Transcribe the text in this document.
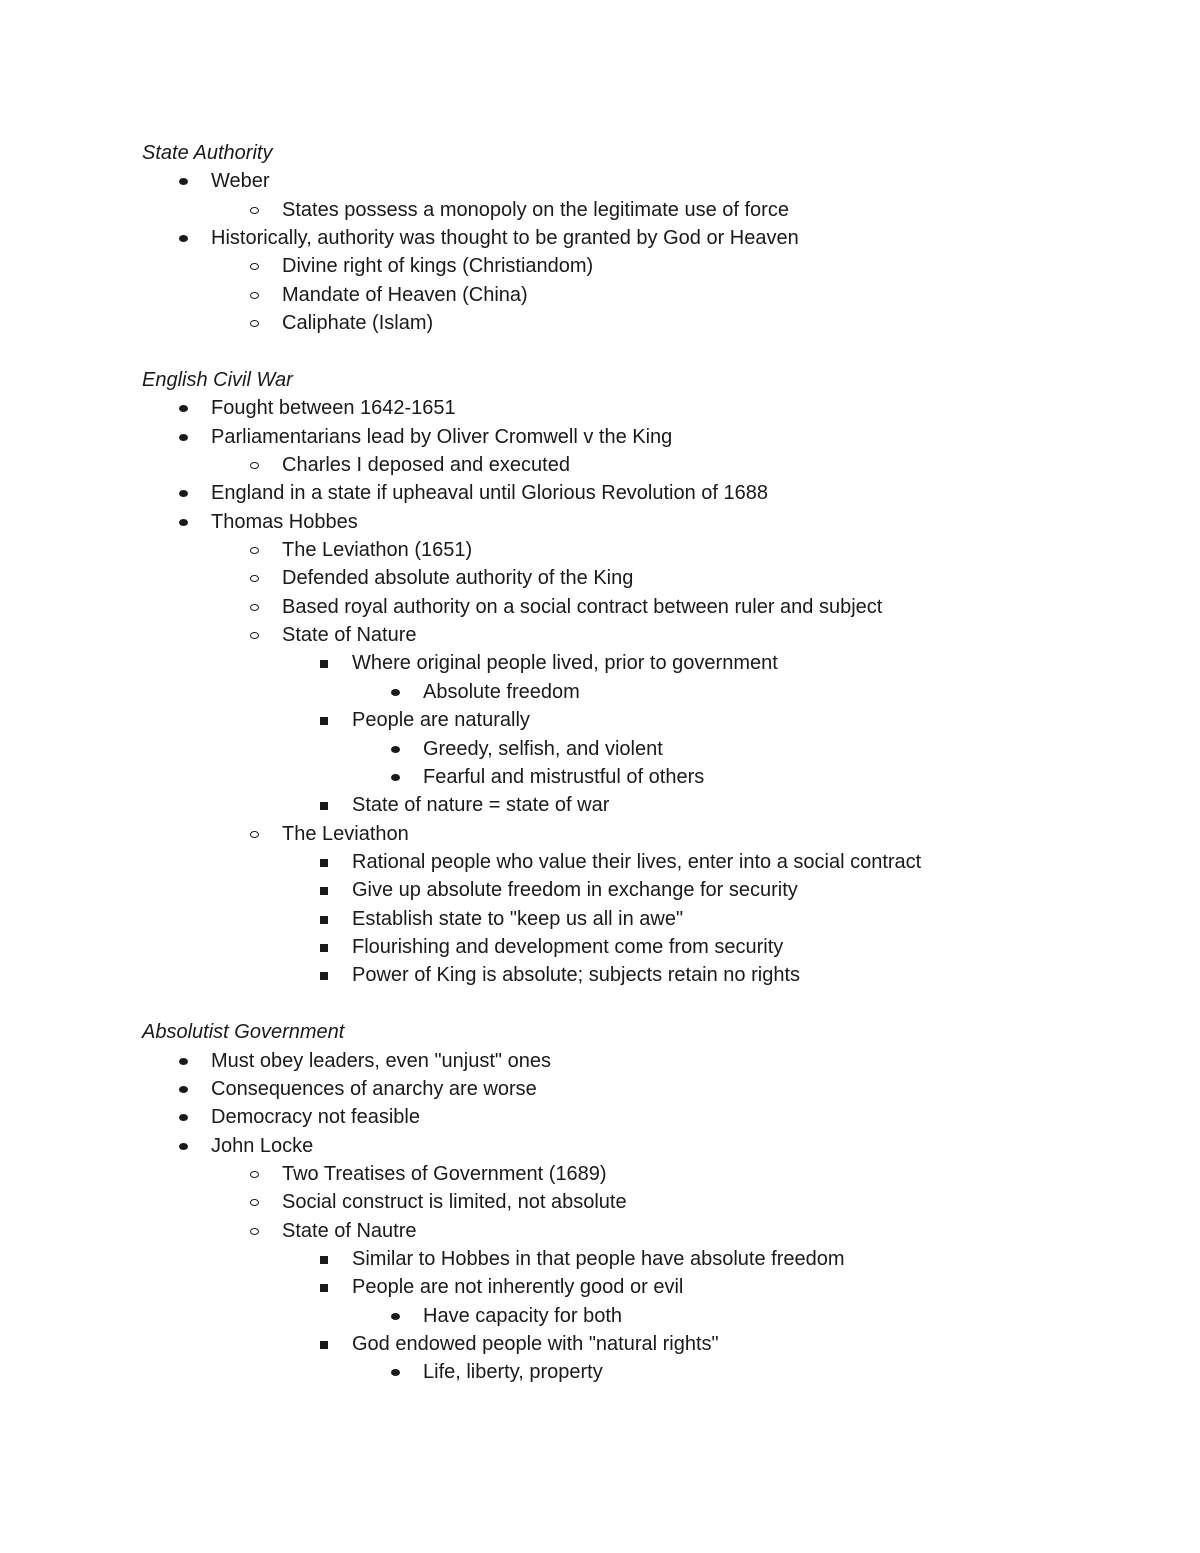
State Authority
Weber
States possess a monopoly on the legitimate use of force
Historically, authority was thought to be granted by God or Heaven
Divine right of kings (Christiandom)
Mandate of Heaven (China)
Caliphate (Islam)
English Civil War
Fought between 1642-1651
Parliamentarians lead by Oliver Cromwell v the King
Charles I deposed and executed
England in a state if upheaval until Glorious Revolution of 1688
Thomas Hobbes
The Leviathon (1651)
Defended absolute authority of the King
Based royal authority on a social contract between ruler and subject
State of Nature
Where original people lived, prior to government
Absolute freedom
People are naturally
Greedy, selfish, and violent
Fearful and mistrustful of others
State of nature = state of war
The Leviathon
Rational people who value their lives, enter into a social contract
Give up absolute freedom in exchange for security
Establish state to "keep us all in awe"
Flourishing and development come from security
Power of King is absolute; subjects retain no rights
Absolutist Government
Must obey leaders, even "unjust" ones
Consequences of anarchy are worse
Democracy not feasible
John Locke
Two Treatises of Government (1689)
Social construct is limited, not absolute
State of Nautre
Similar to Hobbes in that people have absolute freedom
People are not inherently good or evil
Have capacity for both
God endowed people with "natural rights"
Life, liberty, property
